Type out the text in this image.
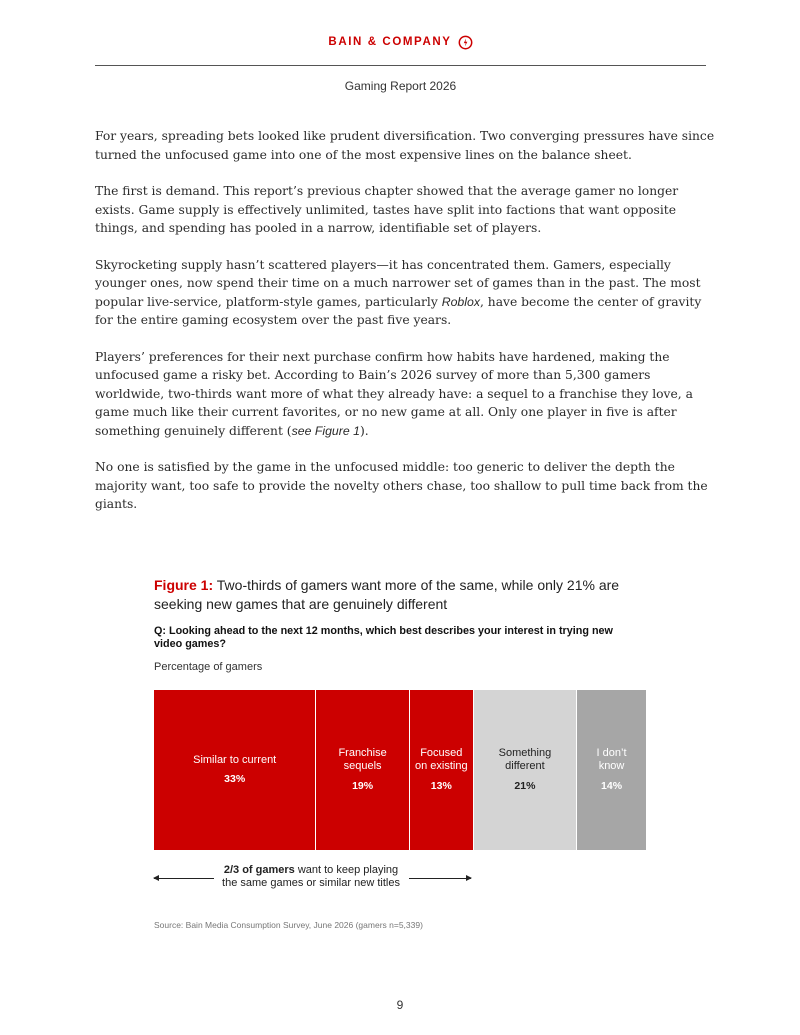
BAIN & COMPANY
Gaming Report 2026

For years, spreading bets looked like prudent diversification. Two converging pressures have since turned the unfocused game into one of the most expensive lines on the balance sheet.

The first is demand. This report’s previous chapter showed that the average gamer no longer exists. Game supply is effectively unlimited, tastes have split into factions that want opposite things, and spending has pooled in a narrow, identifiable set of players.

Skyrocketing supply hasn’t scattered players—it has concentrated them. Gamers, especially younger ones, now spend their time on a much narrower set of games than in the past. The most popular live-service, platform-style games, particularly Roblox, have become the center of gravity for the entire gaming ecosystem over the past five years.

Players’ preferences for their next purchase confirm how habits have hardened, making the unfocused game a risky bet. According to Bain’s 2026 survey of more than 5,300 gamers worldwide, two-thirds want more of what they already have: a sequel to a franchise they love, a game much like their current favorites, or no new game at all. Only one player in five is after something genuinely different (see Figure 1).

No one is satisfied by the game in the unfocused middle: too generic to deliver the depth the majority want, too safe to provide the novelty others chase, too shallow to pull time back from the giants.

Figure 1: Two-thirds of gamers want more of the same, while only 21% are seeking new games that are genuinely different
Q: Looking ahead to the next 12 months, which best describes your interest in trying new video games?
Percentage of gamers
Similar to current
33%
Franchise
sequels
19%
Focused
on existing
13%
Something
different
21%
I don’t
know
14%
2/3 of gamers want to keep playing the same games or similar new titles
Source: Bain Media Consumption Survey, June 2026 (gamers n=5,339)
9
